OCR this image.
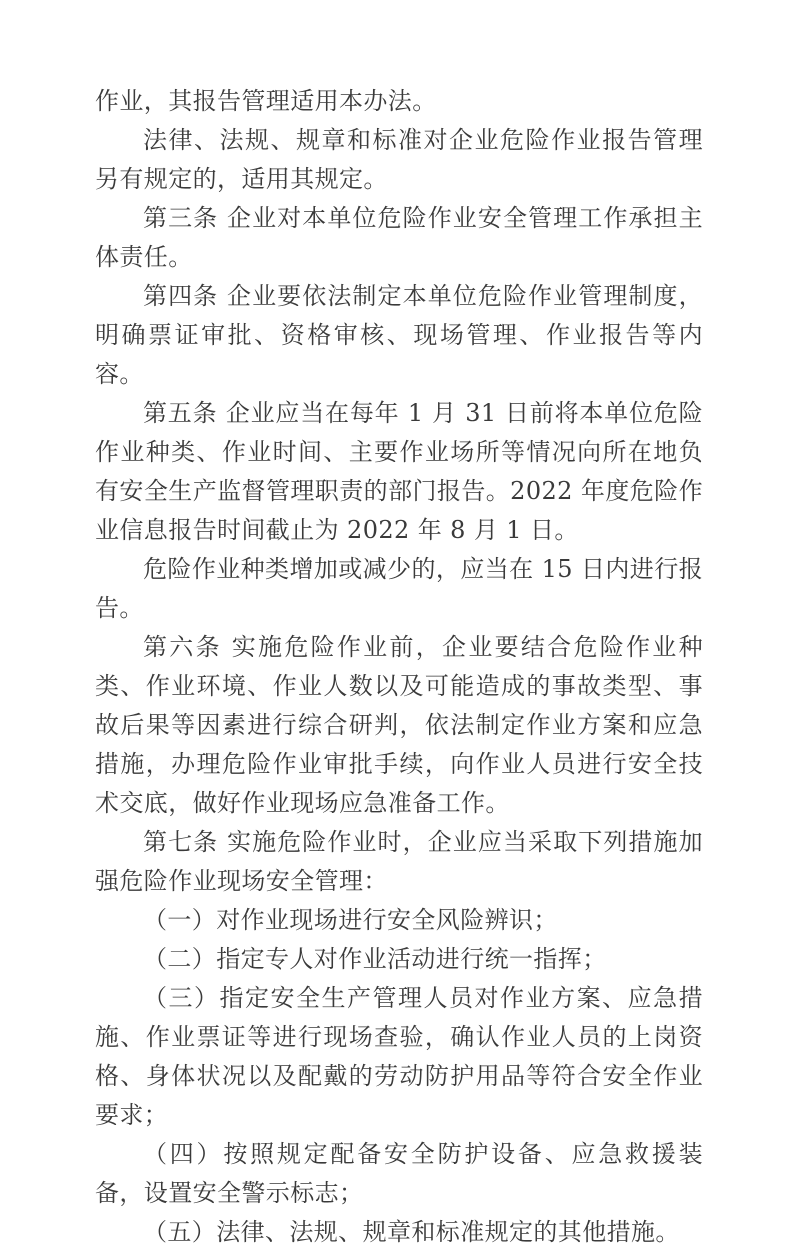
作业，其报告管理适用本办法。

法律、法规、规章和标准对企业危险作业报告管理另有规定的，适用其规定。

第三条 企业对本单位危险作业安全管理工作承担主体责任。

第四条 企业要依法制定本单位危险作业管理制度，明确票证审批、资格审核、现场管理、作业报告等内容。

第五条 企业应当在每年 1 月 31 日前将本单位危险作业种类、作业时间、主要作业场所等情况向所在地负有安全生产监督管理职责的部门报告。2022 年度危险作业信息报告时间截止为 2022 年 8 月 1 日。

危险作业种类增加或减少的，应当在 15 日内进行报告。

第六条 实施危险作业前，企业要结合危险作业种类、作业环境、作业人数以及可能造成的事故类型、事故后果等因素进行综合研判，依法制定作业方案和应急措施，办理危险作业审批手续，向作业人员进行安全技术交底，做好作业现场应急准备工作。

第七条 实施危险作业时，企业应当采取下列措施加强危险作业现场安全管理：

（一）对作业现场进行安全风险辨识；

（二）指定专人对作业活动进行统一指挥；

（三）指定安全生产管理人员对作业方案、应急措施、作业票证等进行现场查验，确认作业人员的上岗资格、身体状况以及配戴的劳动防护用品等符合安全作业要求；

（四）按照规定配备安全防护设备、应急救援装备，设置安全警示标志；

（五）法律、法规、规章和标准规定的其他措施。
